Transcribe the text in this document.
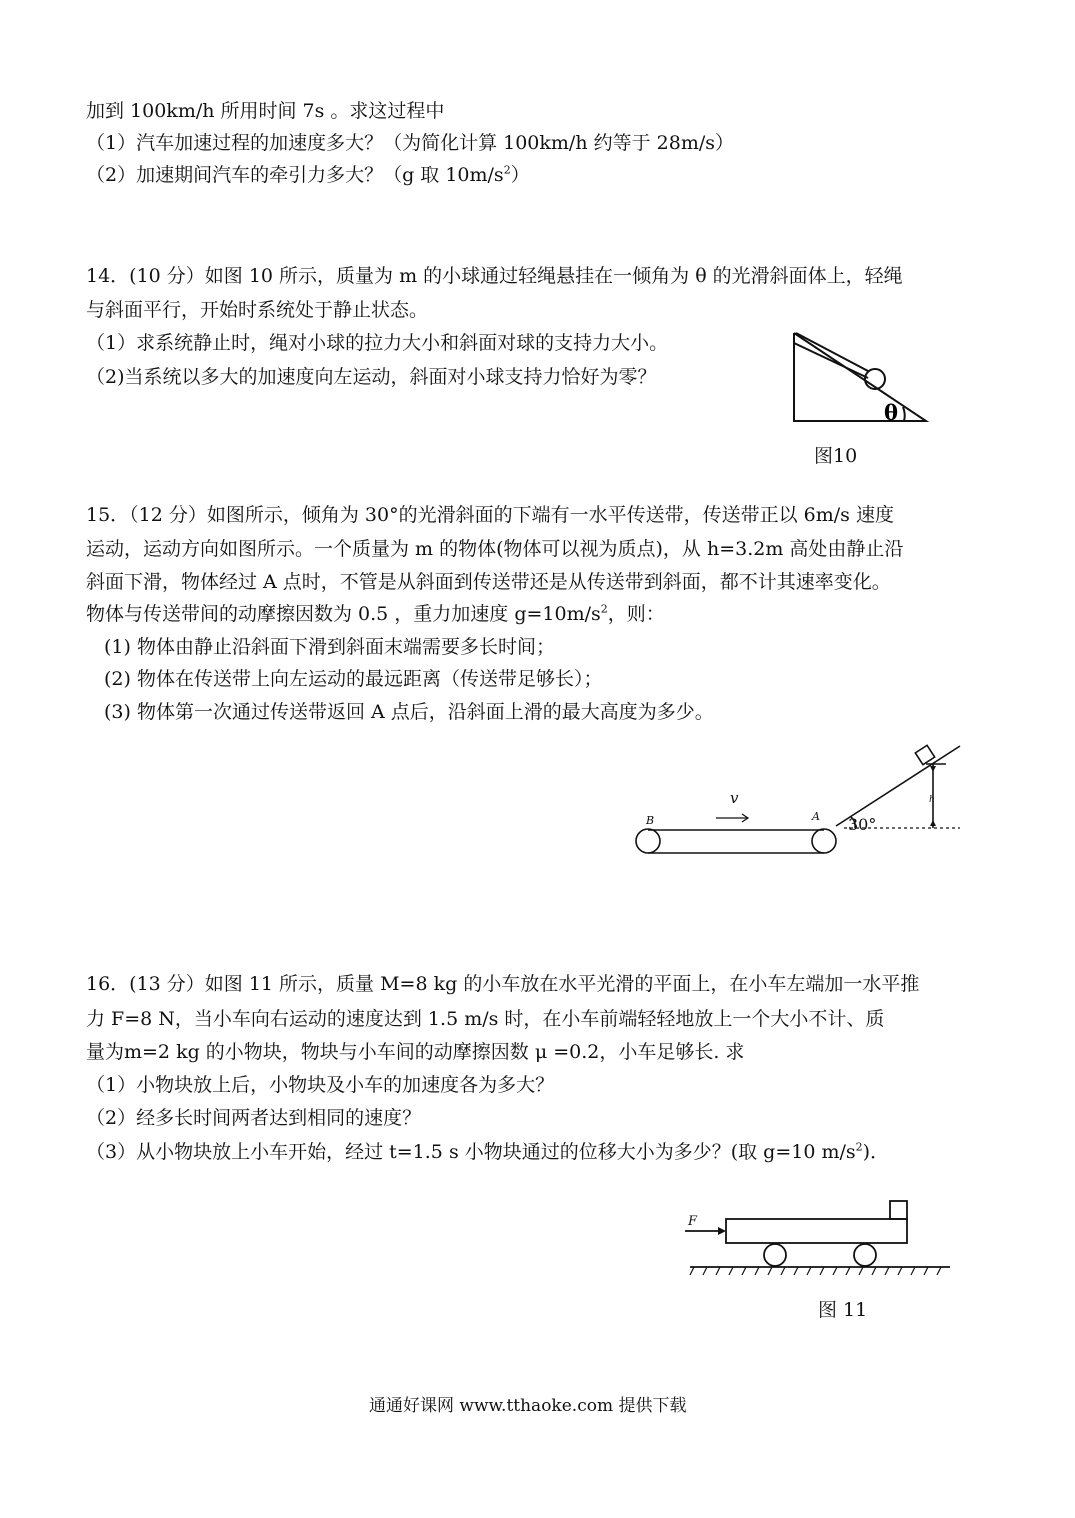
加到 100km/h 所用时间 7s 。求这过程中
（1）汽车加速过程的加速度多大？（为简化计算 100km/h 约等于 28m/s）
（2）加速期间汽车的牵引力多大？（g 取 $10m/s^2$）
14．(10 分）如图 10 所示，质量为 m 的小球通过轻绳悬挂在一倾角为 θ 的光滑斜面体上，轻绳
与斜面平行，开始时系统处于静止状态。
（1）求系统静止时，绳对小球的拉力大小和斜面对球的支持力大小。
（2)当系统以多大的加速度向左运动，斜面对小球支持力恰好为零？
θ
图10
15．（12 分）如图所示，倾角为 30°的光滑斜面的下端有一水平传送带，传送带正以 6m/s 速度
运动，运动方向如图所示。一个质量为 m 的物体(物体可以视为质点)，从 h=3.2m 高处由静止沿
斜面下滑，物体经过 A 点时，不管是从斜面到传送带还是从传送带到斜面，都不计其速率变化。
物体与传送带间的动摩擦因数为 0.5 ，重力加速度 $g=10m/s^2$，则：
(1) 物体由静止沿斜面下滑到斜面末端需要多长时间；
(2) 物体在传送带上向左运动的最远距离（传送带足够长）；
(3) 物体第一次通过传送带返回 A 点后，沿斜面上滑的最大高度为多少。
v
B	A 30°
h
16．(13 分）如图 11 所示，质量 M=8 kg 的小车放在水平光滑的平面上，在小车左端加一水平推
力 F=8 N，当小车向右运动的速度达到 1.5 m/s 时，在小车前端轻轻地放上一个大小不计、质
量为m=2 kg 的小物块，物块与小车间的动摩擦因数 μ =0.2，小车足够长. 求
（1）小物块放上后，小物块及小车的加速度各为多大？
（2）经多长时间两者达到相同的速度？
（3）从小物块放上小车开始，经过 t=1.5 s 小物块通过的位移大小为多少？(取 g=10 $m/s^2$)．
F
图 11
通通好课网 www.tthaoke.com 提供下载
